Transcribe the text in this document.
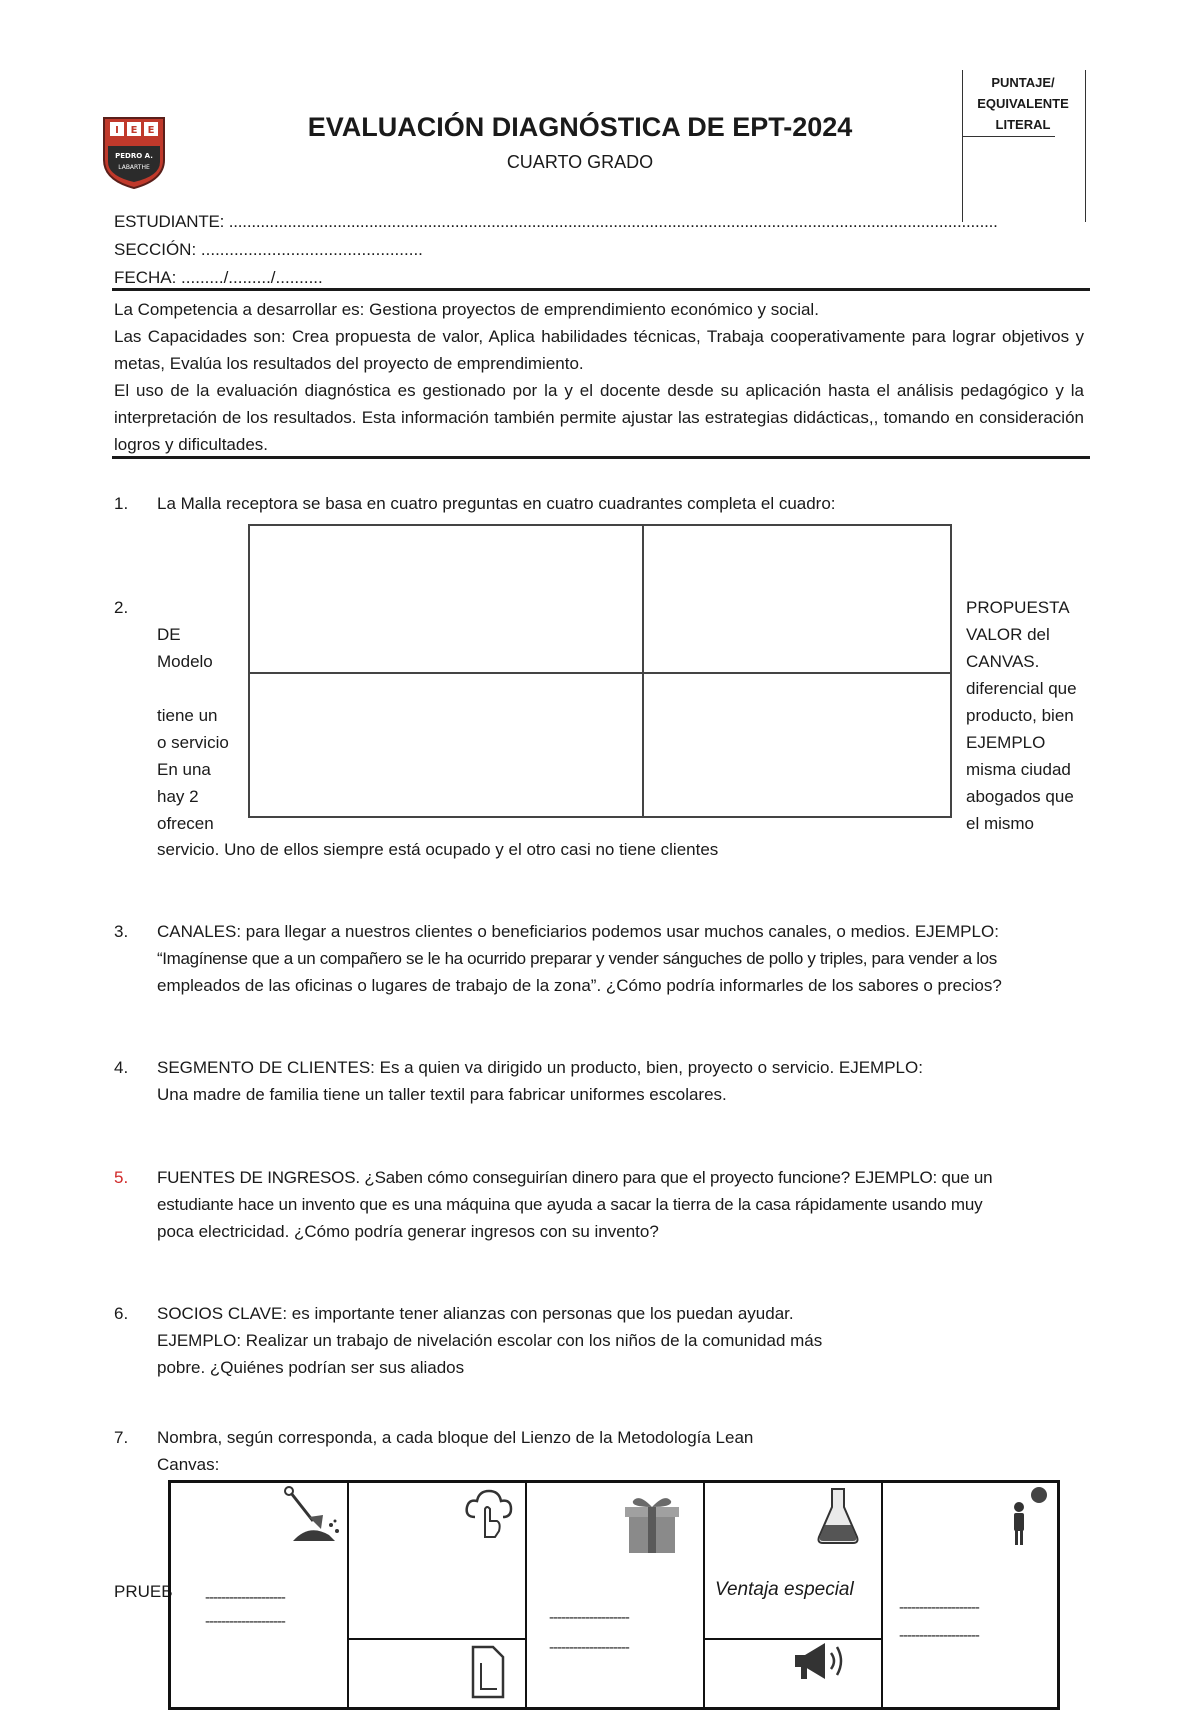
I E E
PEDRO A.
LABARTHE
EVALUACIÓN DIAGNÓSTICA DE EPT-2024
CUARTO GRADO
PUNTAJE/ EQUIVALENTE LITERAL
ESTUDIANTE: ..........................................................................................................................................................................
SECCIÓN: ...............................................
FECHA: ........./........./..........
La Competencia a desarrollar es: Gestiona proyectos de emprendimiento económico y social.
Las Capacidades son: Crea propuesta de valor, Aplica habilidades técnicas, Trabaja cooperativamente para lograr objetivos y metas, Evalúa los resultados del proyecto de emprendimiento.
El uso de la evaluación diagnóstica es gestionado por la y el docente desde su aplicación hasta el análisis pedagógico y la interpretación de los resultados. Esta información también permite ajustar las estrategias didácticas,, tomando en consideración logros y dificultades.
1. La Malla receptora se basa en cuatro preguntas en cuatro cuadrantes completa el cuadro:
2.
DE
Modelo
tiene un
o servicio
En una
hay 2
ofrecen
PROPUESTA
VALOR del
CANVAS.
diferencial que
producto, bien
EJEMPLO
misma ciudad
abogados que
el mismo
servicio. Uno de ellos siempre está ocupado y el otro casi no tiene clientes
3. CANALES: para llegar a nuestros clientes o beneficiarios podemos usar muchos canales, o medios. EJEMPLO:
“Imagínense que a un compañero se le ha ocurrido preparar y vender sánguches de pollo y triples, para vender a los
empleados de las oficinas o lugares de trabajo de la zona”. ¿Cómo podría informarles de los sabores o precios?
4. SEGMENTO DE CLIENTES: Es a quien va dirigido un producto, bien, proyecto o servicio. EJEMPLO:
Una madre de familia tiene un taller textil para fabricar uniformes escolares.
5. FUENTES DE INGRESOS. ¿Saben cómo conseguirían dinero para que el proyecto funcione? EJEMPLO: que un
estudiante hace un invento que es una máquina que ayuda a sacar la tierra de la casa rápidamente usando muy
poca electricidad. ¿Cómo podría generar ingresos con su invento?
6. SOCIOS CLAVE: es importante tener alianzas con personas que los puedan ayudar.
EJEMPLO: Realizar un trabajo de nivelación escolar con los niños de la comunidad más
pobre. ¿Quiénes podrían ser sus aliados
7. Nombra, según corresponda, a cada bloque del Lienzo de la Metodología Lean
Canvas:
PRUEB --------------------
--------------------	--------------------
--------------------
--------------------
--------------------
Ventaja especial
